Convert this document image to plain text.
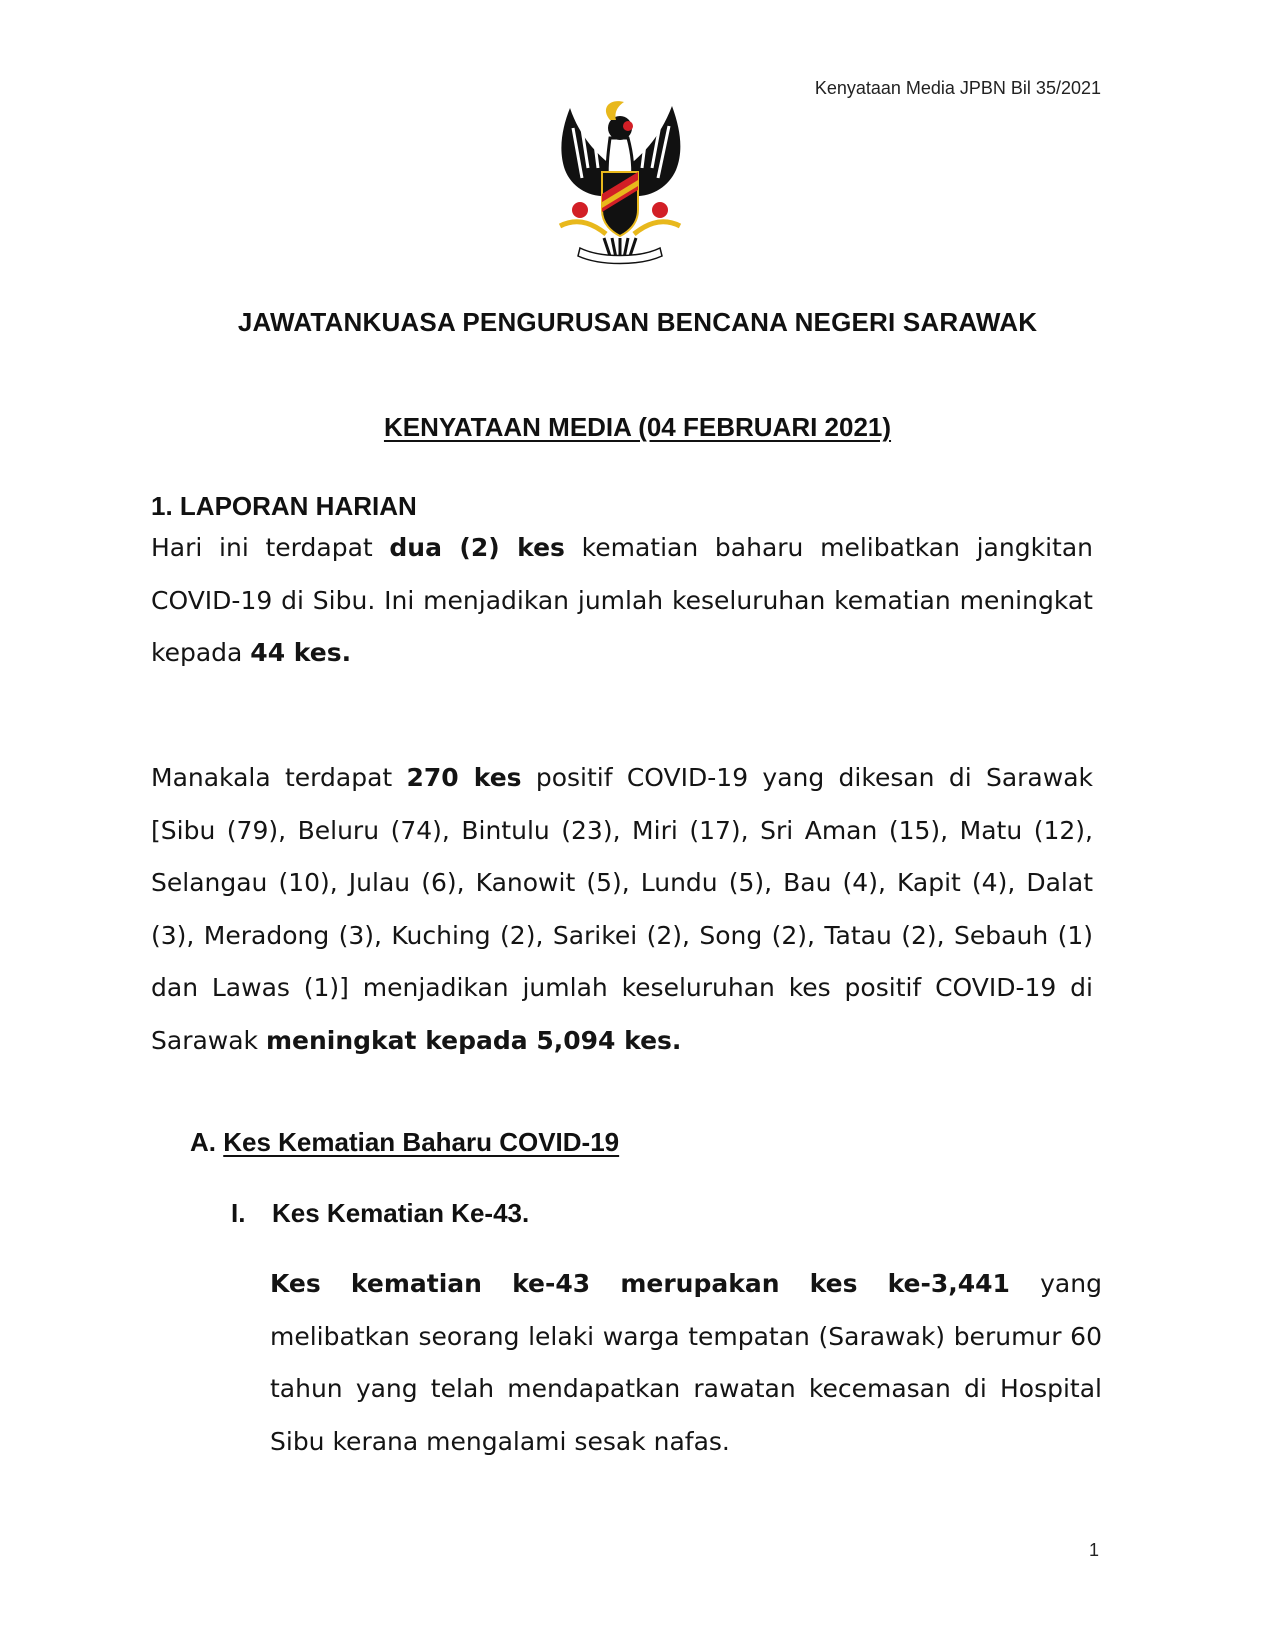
Kenyataan Media JPBN Bil 35/2021
JAWATANKUASA PENGURUSAN BENCANA NEGERI SARAWAK
KENYATAAN MEDIA (04 FEBRUARI 2021)
1. LAPORAN HARIAN
Hari ini terdapat dua (2) kes kematian baharu melibatkan jangkitan COVID-19 di Sibu. Ini menjadikan jumlah keseluruhan kematian meningkat kepada 44 kes.
Manakala terdapat 270 kes positif COVID-19 yang dikesan di Sarawak [Sibu (79), Beluru (74), Bintulu (23), Miri (17), Sri Aman (15), Matu (12), Selangau (10), Julau (6), Kanowit (5), Lundu (5), Bau (4), Kapit (4), Dalat (3), Meradong (3), Kuching (2), Sarikei (2), Song (2), Tatau (2), Sebauh (1) dan Lawas (1)] menjadikan jumlah keseluruhan kes positif COVID-19 di Sarawak meningkat kepada 5,094 kes.
A. Kes Kematian Baharu COVID-19
I. Kes Kematian Ke-43.
Kes kematian ke-43 merupakan kes ke-3,441 yang
melibatkan seorang lelaki warga tempatan (Sarawak) berumur 60 tahun yang telah mendapatkan rawatan kecemasan di Hospital Sibu kerana mengalami sesak nafas.
1
